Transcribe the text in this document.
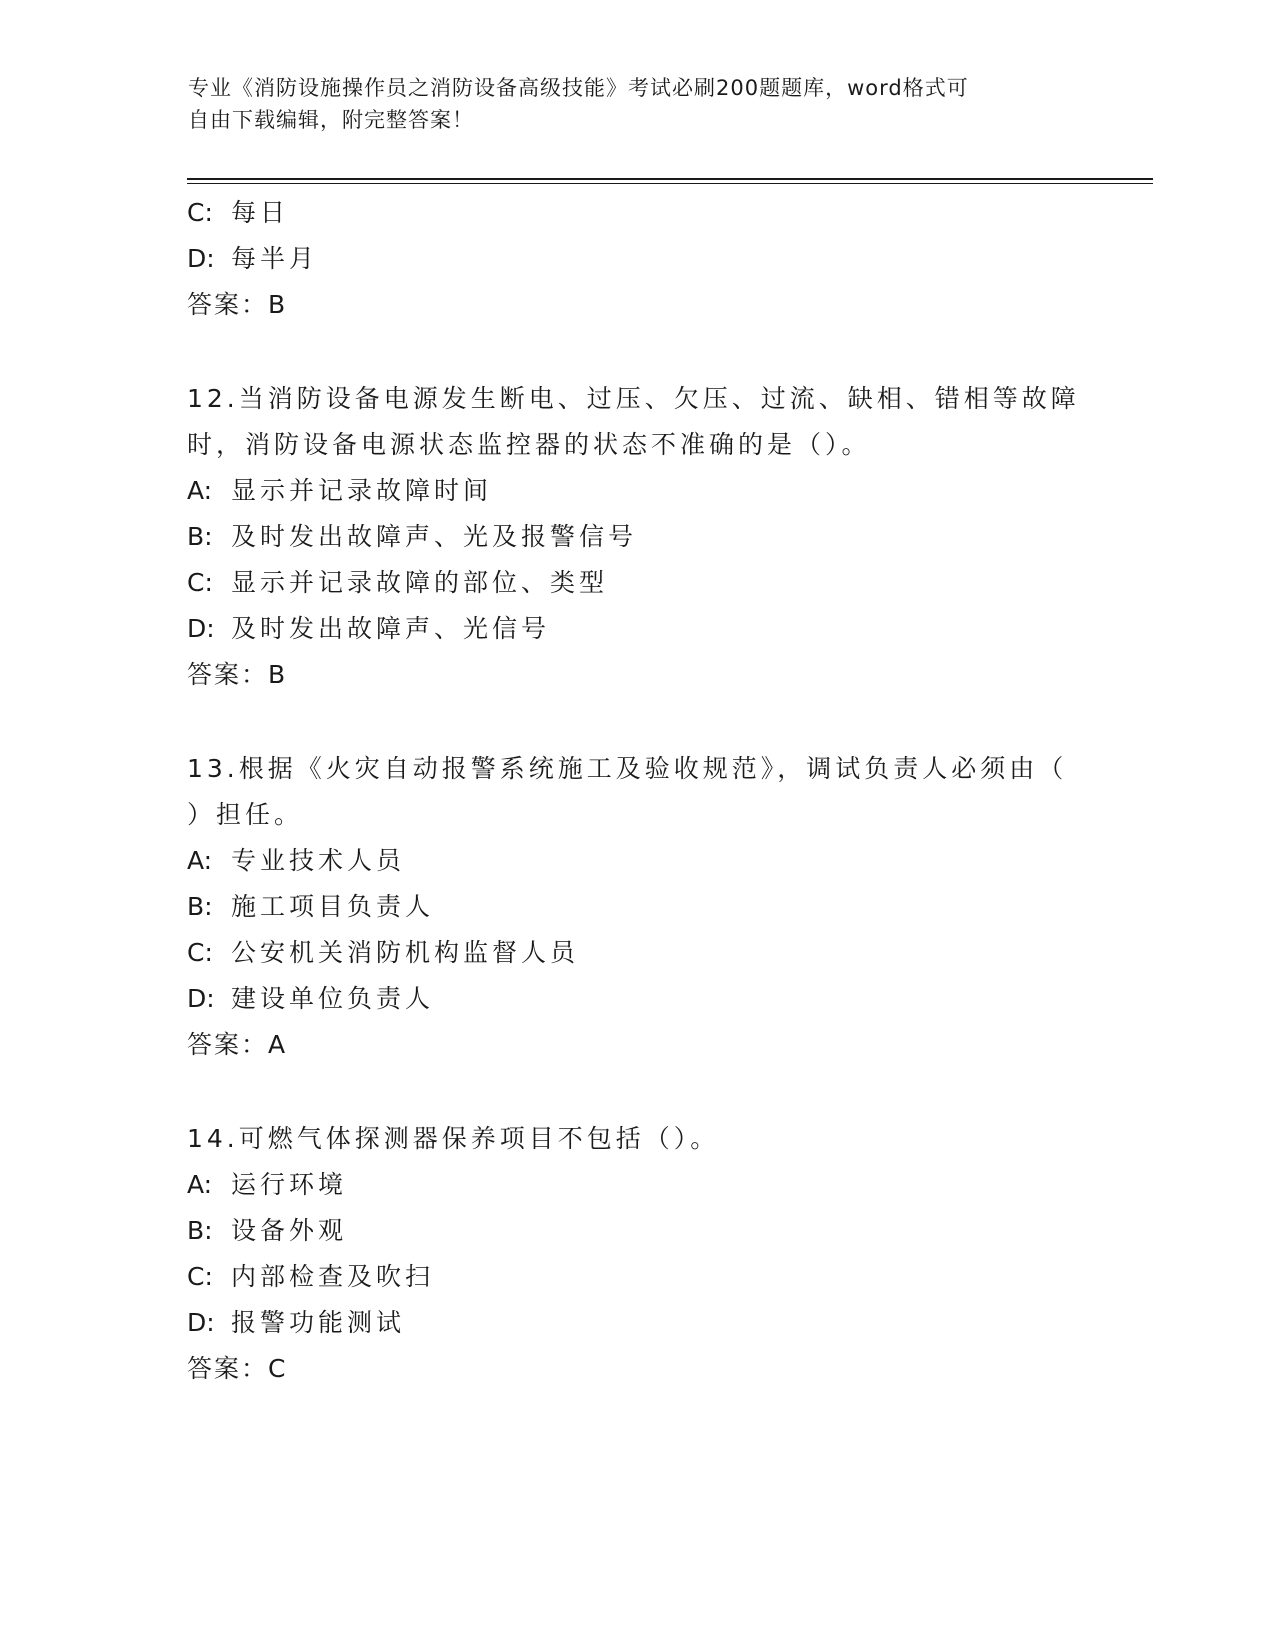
专业《消防设施操作员之消防设备高级技能》考试必刷200题题库，word格式可
自由下载编辑，附完整答案！
C: 每日
D: 每半月
答案：B
12.当消防设备电源发生断电、过压、欠压、过流、缺相、错相等故障
时，消防设备电源状态监控器的状态不准确的是（）。
A: 显示并记录故障时间
B: 及时发出故障声、光及报警信号
C: 显示并记录故障的部位、类型
D: 及时发出故障声、光信号
答案：B
13.根据《火灾自动报警系统施工及验收规范》，调试负责人必须由（
）担任。
A: 专业技术人员
B: 施工项目负责人
C: 公安机关消防机构监督人员
D: 建设单位负责人
答案：A
14.可燃气体探测器保养项目不包括（）。
A: 运行环境
B: 设备外观
C: 内部检查及吹扫
D: 报警功能测试
答案：C
